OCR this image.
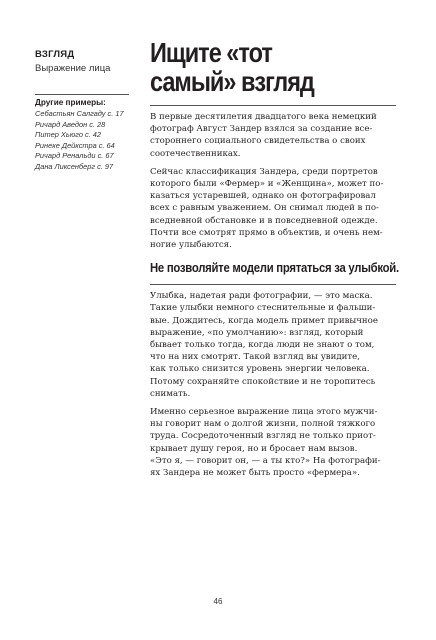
ВЗГЛЯД

Выражение лица

Другие примеры:

Себастьян Салгаду с. 17
Ричард Аведон с. 28
Питер Хьюго с. 42
Ринеке Дейкстра с. 64
Ричард Ренальди с. 67
Дана Ликсенберг с. 97
Ищите «тот
самый» взгляд

В первые десятилетия двадцатого века немецкий
фотограф Август Зандер взялся за создание все-
стороннего социального свидетельства о своих
соотечественниках.

Сейчас классификация Зандера, среди портретов
которого были «Фермер» и «Женщина», может по-
казаться устаревшей, однако он фотографировал
всех с равным уважением. Он снимал людей в по-
вседневной обстановке и в повседневной одежде.
Почти все смотрят прямо в объектив, и очень нем-
ногие улыбаются.

Не позволяйте модели прятаться за улыбкой.

Улыбка, надетая ради фотографии, — это маска.
Такие улыбки немного стеснительные и фальши-
вые. Дождитесь, когда модель примет привычное
выражение, «по умолчанию»: взгляд, который
бывает только тогда, когда люди не знают о том,
что на них смотрят. Такой взгляд вы увидите,
как только снизится уровень энергии человека.
Потому сохраняйте спокойствие и не торопитесь
снимать.

Именно серьезное выражение лица этого мужчи-
ны говорит нам о долгой жизни, полной тяжкого
труда. Сосредоточенный взгляд не только приот-
крывает душу героя, но и бросает нам вызов.
«Это я, — говорит он, — а ты кто?» На фотографи-
ях Зандера не может быть просто «фермера».

46
